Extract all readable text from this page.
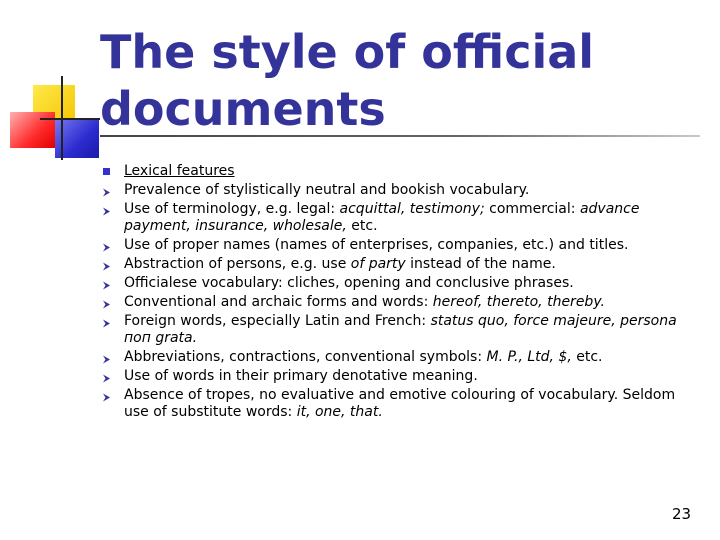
The style of official
documents
Lexical features
Prevalence of stylistically neutral and bookish vocabulary.
Use of terminology, e.g. legal: acquittal, testimony; commercial: advance payment, insurance, wholesale, etc.
Use of proper names (names of enterprises, companies, etc.) and titles.
Abstraction of persons, e.g. use of party instead of the name.
Officialese vocabulary: cliches, opening and conclusive phrases.
Conventional and archaic forms and words: hereof, thereto, thereby.
Foreign words, especially Latin and French: status quo, force majeure, persona поп grata.
Abbreviations, contractions, conventional symbols: M. P., Ltd, $, etc.
Use of words in their primary denotative meaning.
Absence of tropes, no evaluative and emotive colouring of vocabulary. Seldom use of substitute words: it, one, that.
23
